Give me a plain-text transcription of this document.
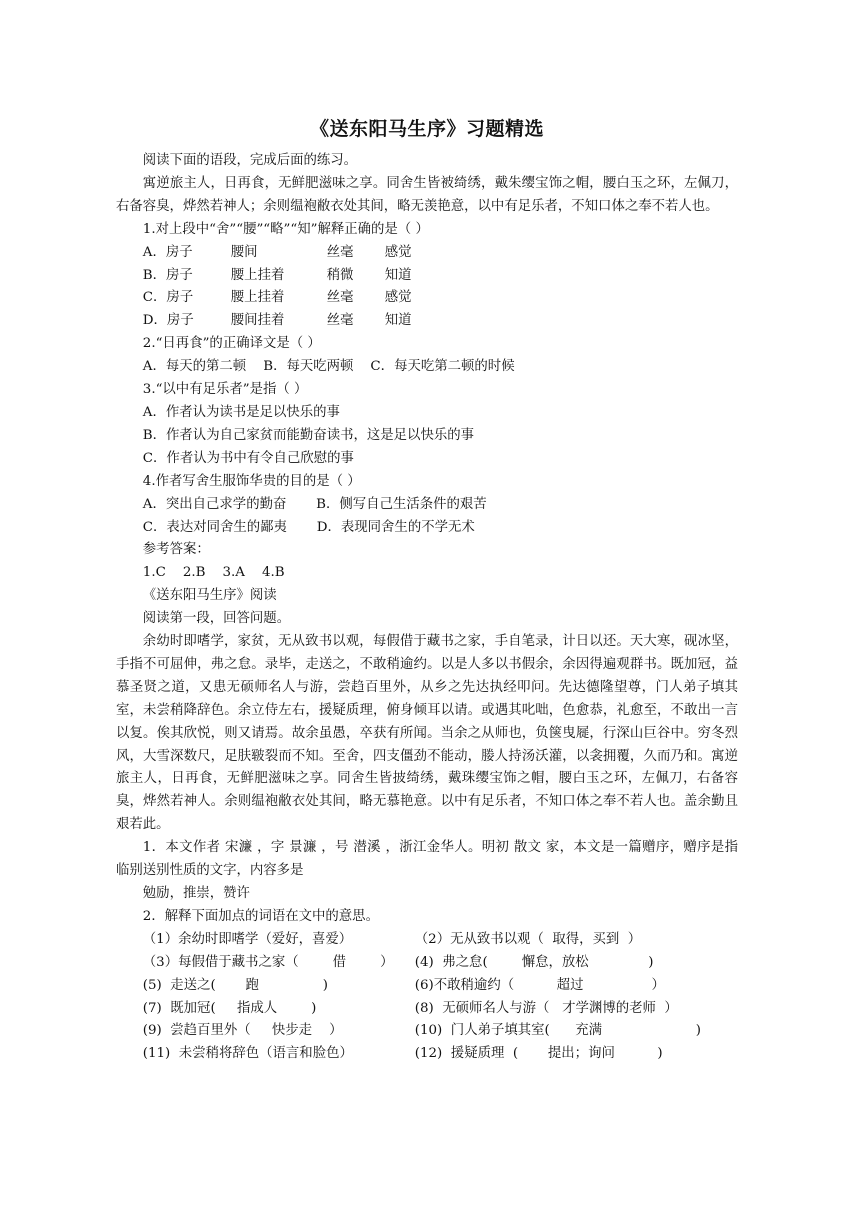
《送东阳马生序》习题精选

阅读下面的语段，完成后面的练习。

寓逆旅主人，日再食，无鲜肥滋味之享。同舍生皆被绮绣，戴朱缨宝饰之帽，腰白玉之环，左佩刀，右备容臭，烨然若神人；余则缊袍敝衣处其间，略无羡艳意，以中有足乐者，不知口体之奉不若人也。

1.对上段中“舍”“腰”“略”“知”解释正确的是（ ）

A．房子	腰间	丝毫	感觉
B．房子	腰上挂着	稍微	知道
C．房子	腰上挂着	丝毫	感觉
D．房子	腰间挂着	丝毫	知道

2.“日再食”的正确译文是（ ）

A．每天的第二顿    B．每天吃两顿    C．每天吃第二顿的时候

3.“以中有足乐者”是指（ ）

A．作者认为读书是足以快乐的事

B．作者认为自己家贫而能勤奋读书，这是足以快乐的事

C．作者认为书中有令自己欣慰的事

4.作者写舍生服饰华贵的目的是（ ）

A．突出自己求学的勤奋       B．侧写自己生活条件的艰苦

C．表达对同舍生的鄙夷       D．表现同舍生的不学无术

参考答案：

1.C    2.B    3.A    4.B

《送东阳马生序》阅读

阅读第一段，回答问题。

余幼时即嗜学，家贫，无从致书以观，每假借于藏书之家，手自笔录，计日以还。天大寒，砚冰坚，手指不可屈伸，弗之怠。录毕，走送之，不敢稍逾约。以是人多以书假余，余因得遍观群书。既加冠，益慕圣贤之道，又患无硕师名人与游，尝趋百里外，从乡之先达执经叩问。先达德隆望尊，门人弟子填其室，未尝稍降辞色。余立侍左右，援疑质理，俯身倾耳以请。或遇其叱咄，色愈恭，礼愈至，不敢出一言以复。俟其欣悦，则又请焉。故余虽愚，卒获有所闻。当余之从师也，负箧曳屣，行深山巨谷中。穷冬烈风，大雪深数尺，足肤皲裂而不知。至舍，四支僵劲不能动，媵人持汤沃灌，以衾拥覆，久而乃和。寓逆旅主人，日再食，无鲜肥滋味之享。同舍生皆披绮绣，戴珠缨宝饰之帽，腰白玉之环，左佩刀，右备容臭，烨然若神人。余则缊袍敝衣处其间，略无慕艳意。以中有足乐者，不知口体之奉不若人也。盖余勤且艰若此。

1．本文作者 宋濂 ，字 景濂 ，号 潜溪 ，浙江金华人。明初 散文 家，本文是一篇赠序，赠序是指 临别送别性质的文字，内容多是

勉励，推崇，赞许

2．解释下面加点的词语在文中的意思。

（1）余幼时即嗜学（爱好，喜爱）	（2）无从致书以观（  取得，买到  ）
（3）每假借于藏书之家（        借        ）	(4)  弗之怠(        懈怠，放松              )
(5)  走送之(       跑               )	(6)不敢稍逾约（          超过                ）
(7)  既加冠(     指成人        )	(8)  无硕师名人与游（   才学渊博的老师  ）
(9)  尝趋百里外（     快步走    ）	(10)  门人弟子填其室(      充满                      )
(11)  未尝稍将辞色（语言和脸色）	(12)  援疑质理  (       提出；询问          )
